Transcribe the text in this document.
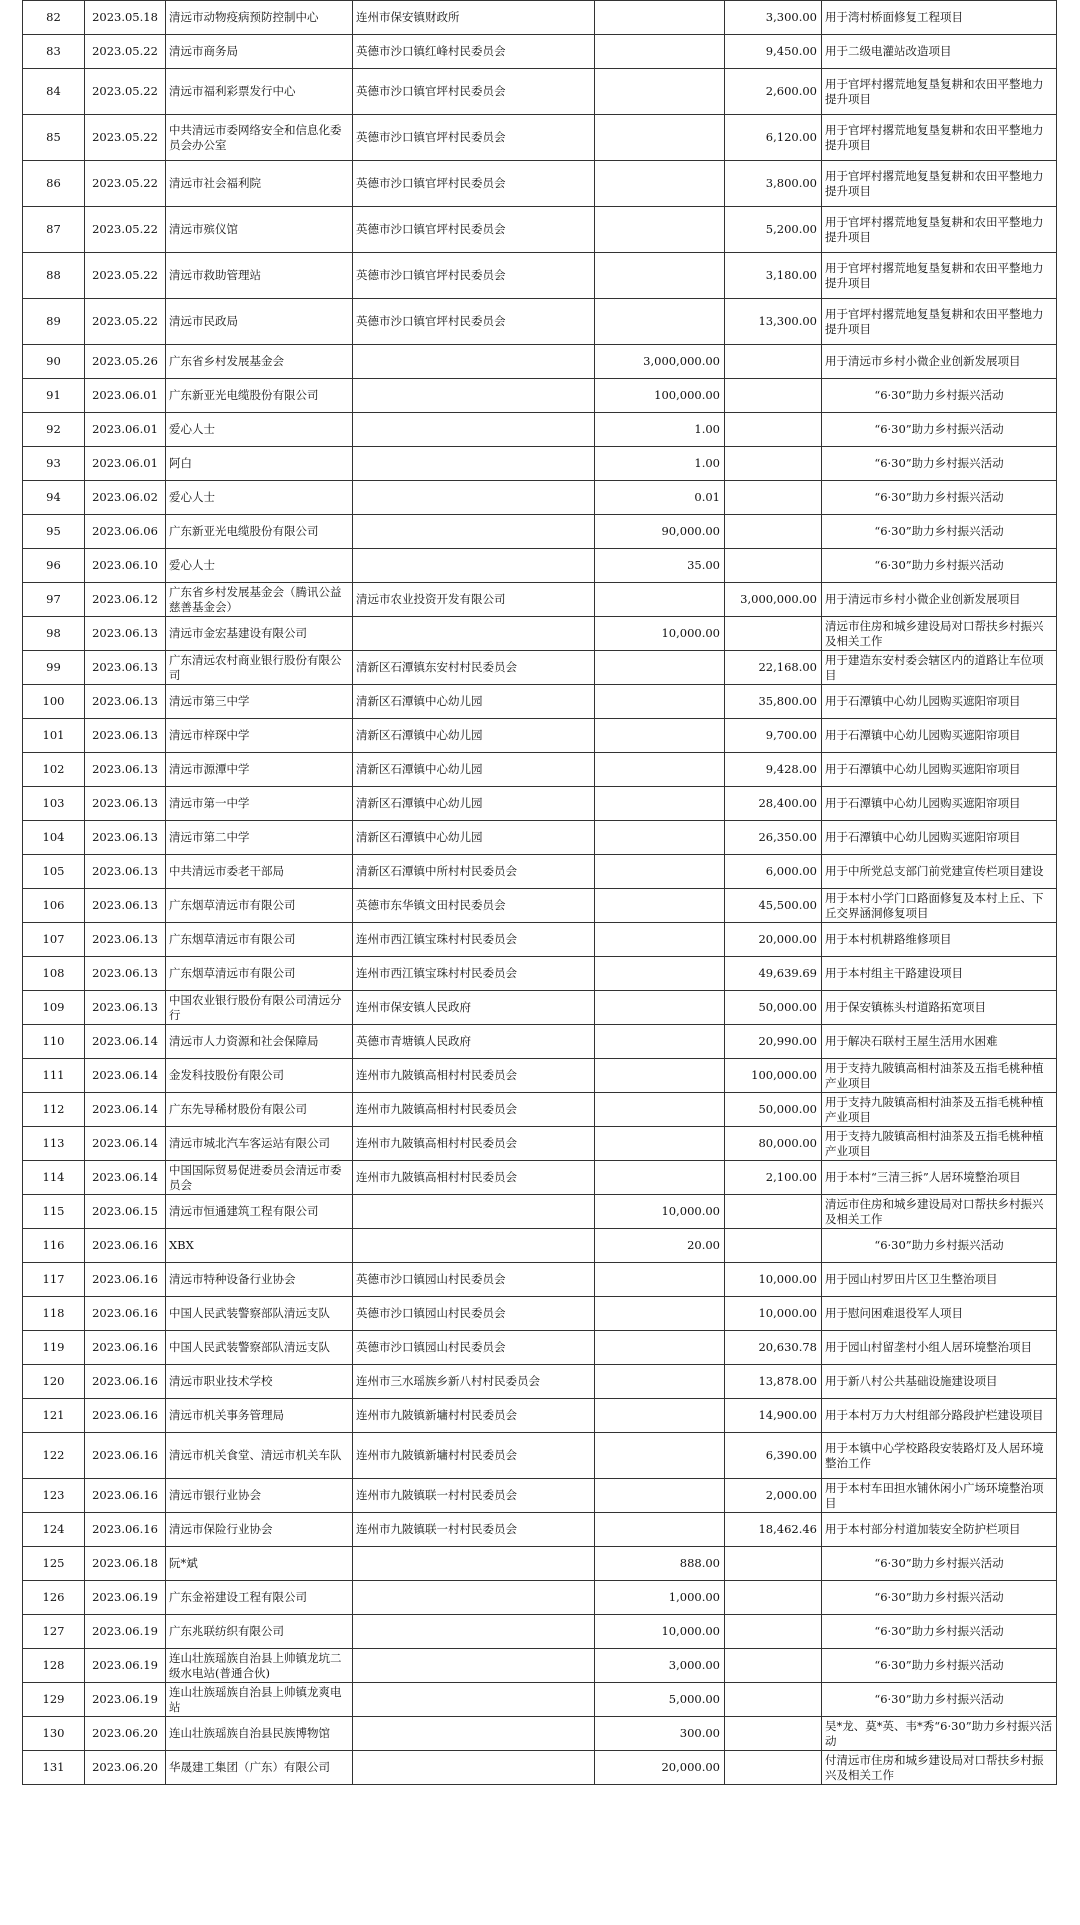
82	2023.05.18	清远市动物疫病预防控制中心	连州市保安镇财政所		3,300.00	用于湾村桥面修复工程项目
83	2023.05.22	清远市商务局	英德市沙口镇红峰村民委员会		9,450.00	用于二级电灌站改造项目
84	2023.05.22	清远市福利彩票发行中心	英德市沙口镇官坪村民委员会		2,600.00	用于官坪村撂荒地复垦复耕和农田平整地力提升项目
85	2023.05.22	中共清远市委网络安全和信息化委员会办公室	英德市沙口镇官坪村民委员会		6,120.00	用于官坪村撂荒地复垦复耕和农田平整地力提升项目
86	2023.05.22	清远市社会福利院	英德市沙口镇官坪村民委员会		3,800.00	用于官坪村撂荒地复垦复耕和农田平整地力提升项目
87	2023.05.22	清远市殡仪馆	英德市沙口镇官坪村民委员会		5,200.00	用于官坪村撂荒地复垦复耕和农田平整地力提升项目
88	2023.05.22	清远市救助管理站	英德市沙口镇官坪村民委员会		3,180.00	用于官坪村撂荒地复垦复耕和农田平整地力提升项目
89	2023.05.22	清远市民政局	英德市沙口镇官坪村民委员会		13,300.00	用于官坪村撂荒地复垦复耕和农田平整地力提升项目
90	2023.05.26	广东省乡村发展基金会		3,000,000.00		用于清远市乡村小微企业创新发展项目
91	2023.06.01	广东新亚光电缆股份有限公司		100,000.00		“6·30”助力乡村振兴活动
92	2023.06.01	爱心人士		1.00		“6·30”助力乡村振兴活动
93	2023.06.01	阿白		1.00		“6·30”助力乡村振兴活动
94	2023.06.02	爱心人士		0.01		“6·30”助力乡村振兴活动
95	2023.06.06	广东新亚光电缆股份有限公司		90,000.00		“6·30”助力乡村振兴活动
96	2023.06.10	爱心人士		35.00		“6·30”助力乡村振兴活动
97	2023.06.12	广东省乡村发展基金会（腾讯公益慈善基金会）	清远市农业投资开发有限公司		3,000,000.00	用于清远市乡村小微企业创新发展项目
98	2023.06.13	清远市金宏基建设有限公司		10,000.00		清远市住房和城乡建设局对口帮扶乡村振兴及相关工作
99	2023.06.13	广东清远农村商业银行股份有限公司	清新区石潭镇东安村村民委员会		22,168.00	用于建造东安村委会辖区内的道路让车位项目
100	2023.06.13	清远市第三中学	清新区石潭镇中心幼儿园		35,800.00	用于石潭镇中心幼儿园购买遮阳帘项目
101	2023.06.13	清远市梓琛中学	清新区石潭镇中心幼儿园		9,700.00	用于石潭镇中心幼儿园购买遮阳帘项目
102	2023.06.13	清远市源潭中学	清新区石潭镇中心幼儿园		9,428.00	用于石潭镇中心幼儿园购买遮阳帘项目
103	2023.06.13	清远市第一中学	清新区石潭镇中心幼儿园		28,400.00	用于石潭镇中心幼儿园购买遮阳帘项目
104	2023.06.13	清远市第二中学	清新区石潭镇中心幼儿园		26,350.00	用于石潭镇中心幼儿园购买遮阳帘项目
105	2023.06.13	中共清远市委老干部局	清新区石潭镇中所村村民委员会		6,000.00	用于中所党总支部门前党建宣传栏项目建设
106	2023.06.13	广东烟草清远市有限公司	英德市东华镇文田村民委员会		45,500.00	用于本村小学门口路面修复及本村上丘、下丘交界涵洞修复项目
107	2023.06.13	广东烟草清远市有限公司	连州市西江镇宝珠村村民委员会		20,000.00	用于本村机耕路维修项目
108	2023.06.13	广东烟草清远市有限公司	连州市西江镇宝珠村村民委员会		49,639.69	用于本村组主干路建设项目
109	2023.06.13	中国农业银行股份有限公司清远分行	连州市保安镇人民政府		50,000.00	用于保安镇栋头村道路拓宽项目
110	2023.06.14	清远市人力资源和社会保障局	英德市青塘镇人民政府		20,990.00	用于解决石联村王屋生活用水困难
111	2023.06.14	金发科技股份有限公司	连州市九陂镇高相村村民委员会		100,000.00	用于支持九陂镇高相村油茶及五指毛桃种植产业项目
112	2023.06.14	广东先导稀材股份有限公司	连州市九陂镇高相村村民委员会		50,000.00	用于支持九陂镇高相村油茶及五指毛桃种植产业项目
113	2023.06.14	清远市城北汽车客运站有限公司	连州市九陂镇高相村村民委员会		80,000.00	用于支持九陂镇高相村油茶及五指毛桃种植产业项目
114	2023.06.14	中国国际贸易促进委员会清远市委员会	连州市九陂镇高相村村民委员会		2,100.00	用于本村“三清三拆”人居环境整治项目
115	2023.06.15	清远市恒通建筑工程有限公司		10,000.00		清远市住房和城乡建设局对口帮扶乡村振兴及相关工作
116	2023.06.16	XBX		20.00		“6·30”助力乡村振兴活动
117	2023.06.16	清远市特种设备行业协会	英德市沙口镇园山村民委员会		10,000.00	用于园山村罗田片区卫生整治项目
118	2023.06.16	中国人民武装警察部队清远支队	英德市沙口镇园山村民委员会		10,000.00	用于慰问困难退役军人项目
119	2023.06.16	中国人民武装警察部队清远支队	英德市沙口镇园山村民委员会		20,630.78	用于园山村留垄村小组人居环境整治项目
120	2023.06.16	清远市职业技术学校	连州市三水瑶族乡新八村村民委员会		13,878.00	用于新八村公共基础设施建设项目
121	2023.06.16	清远市机关事务管理局	连州市九陂镇新墉村村民委员会		14,900.00	用于本村万力大村组部分路段护栏建设项目
122	2023.06.16	清远市机关食堂、清远市机关车队	连州市九陂镇新墉村村民委员会		6,390.00	用于本镇中心学校路段安装路灯及人居环境整治工作
123	2023.06.16	清远市银行业协会	连州市九陂镇联一村村民委员会		2,000.00	用于本村车田担水铺休闲小广场环境整治项目
124	2023.06.16	清远市保险行业协会	连州市九陂镇联一村村民委员会		18,462.46	用于本村部分村道加装安全防护栏项目
125	2023.06.18	阮*斌		888.00		“6·30”助力乡村振兴活动
126	2023.06.19	广东金裕建设工程有限公司		1,000.00		“6·30”助力乡村振兴活动
127	2023.06.19	广东兆联纺织有限公司		10,000.00		“6·30”助力乡村振兴活动
128	2023.06.19	连山壮族瑶族自治县上帅镇龙坑二级水电站(普通合伙)		3,000.00		“6·30”助力乡村振兴活动
129	2023.06.19	连山壮族瑶族自治县上帅镇龙爽电站		5,000.00		“6·30”助力乡村振兴活动
130	2023.06.20	连山壮族瑶族自治县民族博物馆		300.00		吴*龙、莫*英、韦*秀“6·30”助力乡村振兴活动
131	2023.06.20	华晟建工集团（广东）有限公司		20,000.00		付清远市住房和城乡建设局对口帮扶乡村振兴及相关工作
